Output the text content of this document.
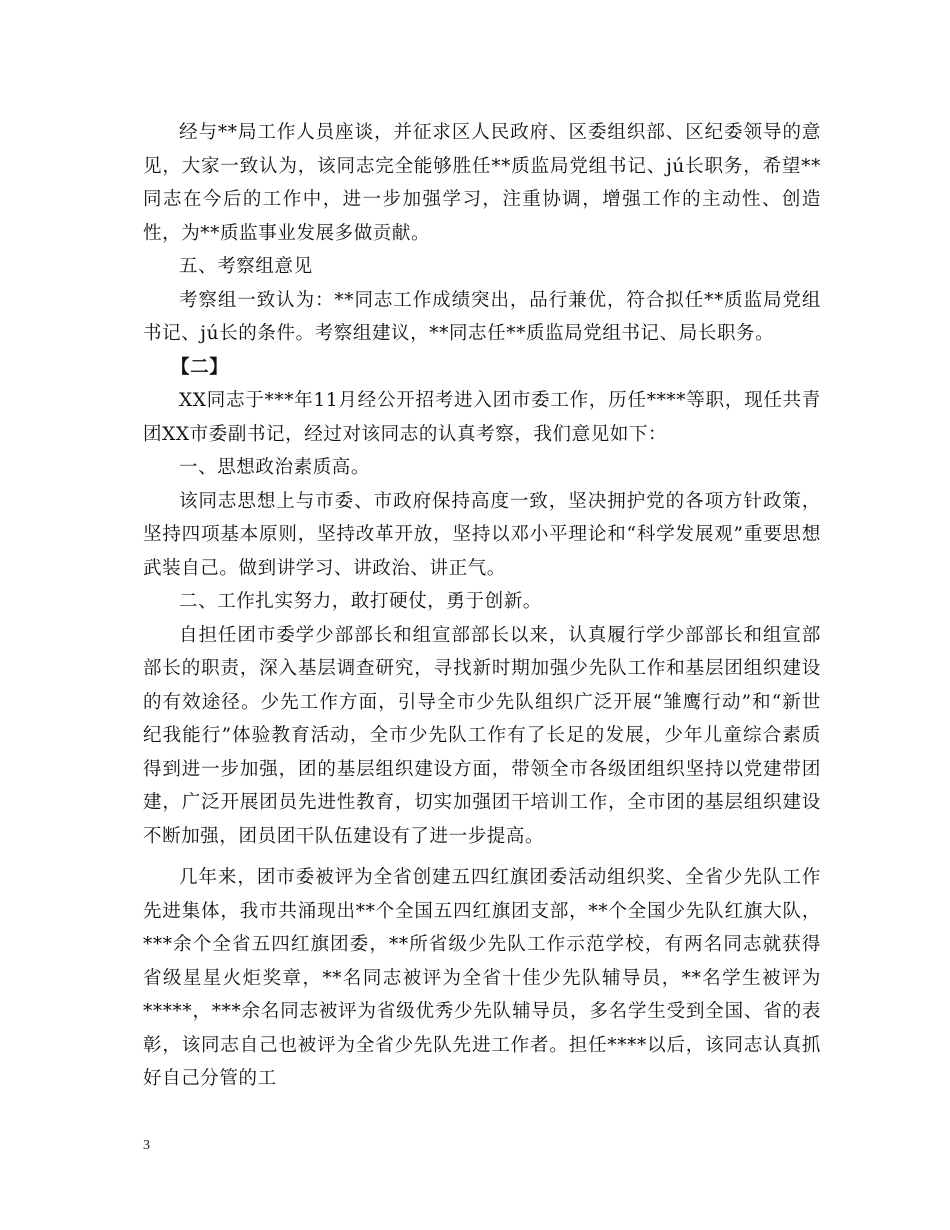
经与**局工作人员座谈，并征求区人民政府、区委组织部、区纪委领导的意见，大家一致认为，该同志完全能够胜任**质监局党组书记、jú长职务，希望**同志在今后的工作中，进一步加强学习，注重协调，增强工作的主动性、创造性，为**质监事业发展多做贡献。

五、考察组意见

考察组一致认为：**同志工作成绩突出，品行兼优，符合拟任**质监局党组书记、jú长的条件。考察组建议，**同志任**质监局党组书记、局长职务。

【二】

XX同志于***年11月经公开招考进入团市委工作，历任****等职，现任共青团XX市委副书记，经过对该同志的认真考察，我们意见如下：

一、思想政治素质高。

该同志思想上与市委、市政府保持高度一致，坚决拥护党的各项方针政策，坚持四项基本原则，坚持改革开放，坚持以邓小平理论和“科学发展观”重要思想武装自己。做到讲学习、讲政治、讲正气。

二、工作扎实努力，敢打硬仗，勇于创新。

自担任团市委学少部部长和组宣部部长以来，认真履行学少部部长和组宣部部长的职责，深入基层调查研究，寻找新时期加强少先队工作和基层团组织建设的有效途径。少先工作方面，引导全市少先队组织广泛开展“雏鹰行动”和“新世纪我能行”体验教育活动，全市少先队工作有了长足的发展，少年儿童综合素质得到进一步加强，团的基层组织建设方面，带领全市各级团组织坚持以党建带团建，广泛开展团员先进性教育，切实加强团干培训工作，全市团的基层组织建设不断加强，团员团干队伍建设有了进一步提高。

几年来，团市委被评为全省创建五四红旗团委活动组织奖、全省少先队工作先进集体，我市共涌现出**个全国五四红旗团支部，**个全国少先队红旗大队，***余个全省五四红旗团委，**所省级少先队工作示范学校，有两名同志就获得省级星星火炬奖章，**名同志被评为全省十佳少先队辅导员，**名学生被评为*****，***余名同志被评为省级优秀少先队辅导员，多名学生受到全国、省的表彰，该同志自己也被评为全省少先队先进工作者。担任****以后，该同志认真抓好自己分管的工

3
